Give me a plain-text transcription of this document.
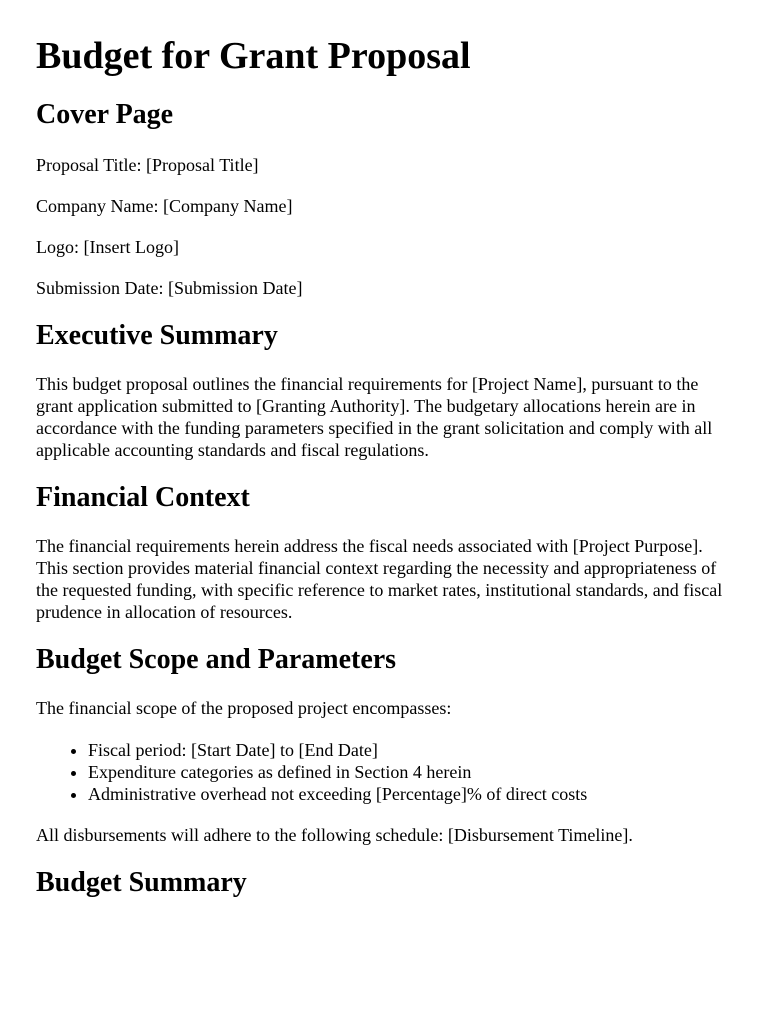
Budget for Grant Proposal
Cover Page

Proposal Title: [Proposal Title]

Company Name: [Company Name]

Logo: [Insert Logo]

Submission Date: [Submission Date]

Executive Summary

This budget proposal outlines the financial requirements for [Project Name], pursuant to the grant application submitted to [Granting Authority]. The budgetary allocations herein are in accordance with the funding parameters specified in the grant solicitation and comply with all applicable accounting standards and fiscal regulations.

Financial Context

The financial requirements herein address the fiscal needs associated with [Project Purpose]. This section provides material financial context regarding the necessity and appropriateness of the requested funding, with specific reference to market rates, institutional standards, and fiscal prudence in allocation of resources.

Budget Scope and Parameters

The financial scope of the proposed project encompasses:

• Fiscal period: [Start Date] to [End Date]
• Expenditure categories as defined in Section 4 herein
• Administrative overhead not exceeding [Percentage]% of direct costs

All disbursements will adhere to the following schedule: [Disbursement Timeline].

Budget Summary
